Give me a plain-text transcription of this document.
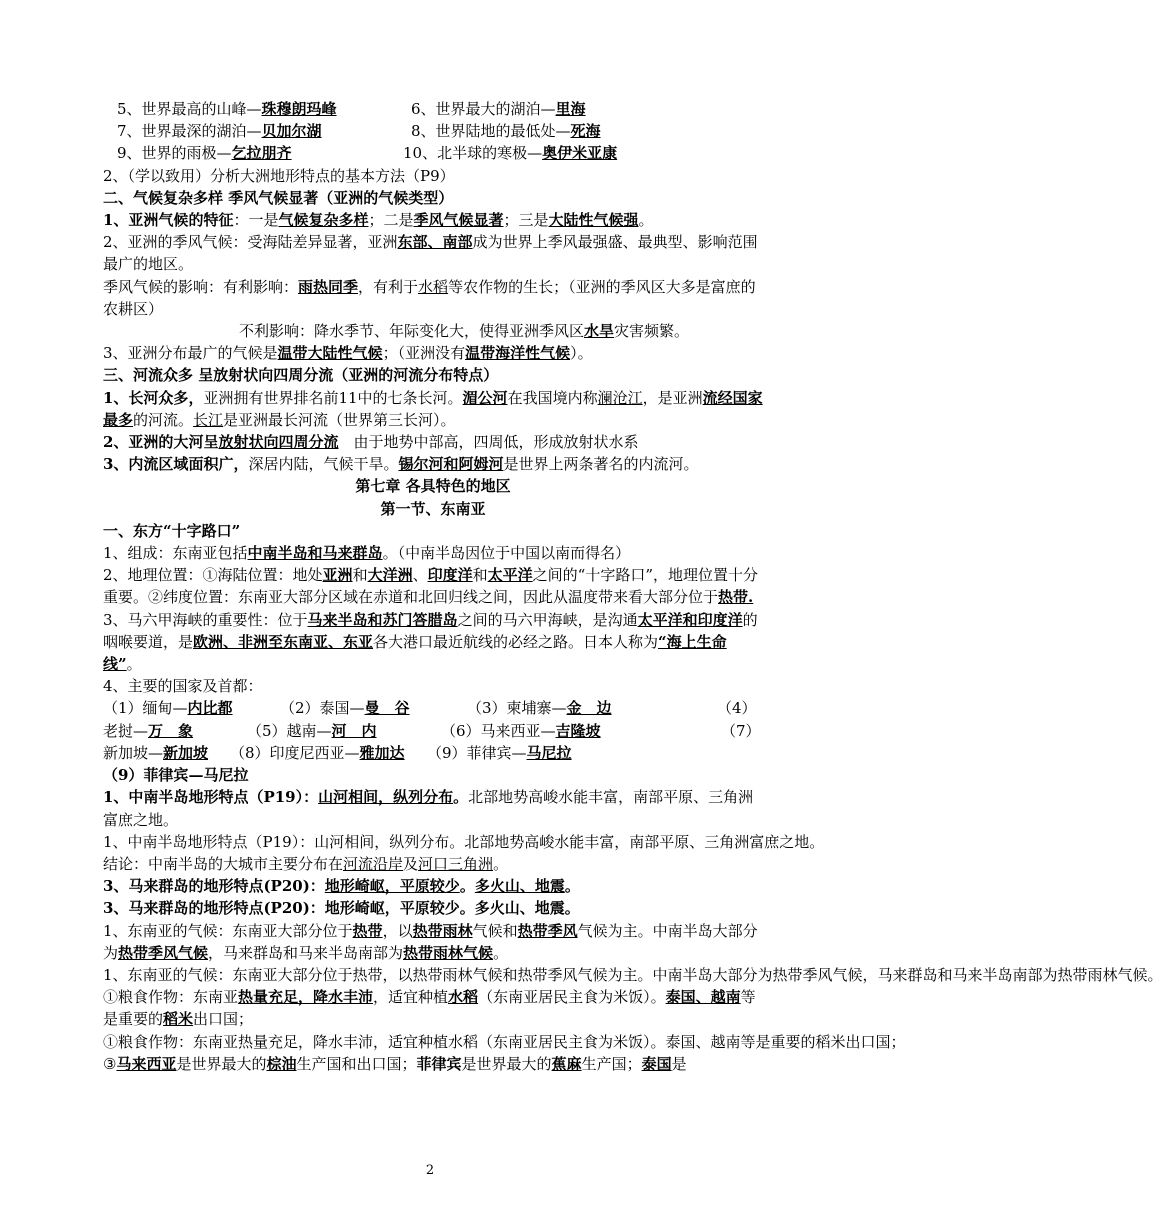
5、世界最高的山峰—珠穆朗玛峰	6、世界最大的湖泊—里海
7、世界最深的湖泊—贝加尔湖	8、世界陆地的最低处—死海
9、世界的雨极—乞拉朋齐	10、北半球的寒极—奥伊米亚康
2、（学以致用）分析大洲地形特点的基本方法（P9）
二、气候复杂多样 季风气候显著（亚洲的气候类型）
1、亚洲气候的特征：一是气候复杂多样；二是季风气候显著；三是大陆性气候强。
2、亚洲的季风气候：受海陆差异显著，亚洲东部、南部成为世界上季风最强盛、最典型、影响范围最广的地区。
季风气候的影响：有利影响：雨热同季，有利于水稻等农作物的生长；（亚洲的季风区大多是富庶的农耕区）
不利影响：降水季节、年际变化大，使得亚洲季风区水旱灾害频繁。
3、亚洲分布最广的气候是温带大陆性气候；（亚洲没有温带海洋性气候）。
三、河流众多 呈放射状向四周分流（亚洲的河流分布特点）
1、长河众多，亚洲拥有世界排名前11中的七条长河。湄公河在我国境内称澜沧江，是亚洲流经国家最多的河流。长江是亚洲最长河流（世界第三长河）。
2、亚洲的大河呈放射状向四周分流　由于地势中部高，四周低，形成放射状水系
3、内流区域面积广，深居内陆，气候干旱。锡尔河和阿姆河是世界上两条著名的内流河。
第七章 各具特色的地区
第一节、东南亚
一、东方“十字路口”
1、组成：东南亚包括中南半岛和马来群岛。（中南半岛因位于中国以南而得名）
2、地理位置：①海陆位置：地处亚洲和大洋洲、印度洋和太平洋之间的“十字路口”，地理位置十分重要。②纬度位置：东南亚大部分区域在赤道和北回归线之间，因此从温度带来看大部分位于热带.
3、马六甲海峡的重要性：位于马来半岛和苏门答腊岛之间的马六甲海峡，是沟通太平洋和印度洋的咽喉要道，是欧洲、非洲至东南亚、东亚各大港口最近航线的必经之路。日本人称为“海上生命线”。
4、主要的国家及首都：
（1）缅甸—内比都	（2）泰国—曼　谷	（3）柬埔寨—金　边	（4）
老挝—万　象	（5）越南—河　内	（6）马来西亚—吉隆坡	（7）
新加坡—新加坡	（8）印度尼西亚—雅加达	（9）菲律宾—马尼拉
（9）菲律宾—马尼拉
1、中南半岛地形特点（P19）：山河相间，纵列分布。北部地势高峻水能丰富，南部平原、三角洲富庶之地。
1、中南半岛地形特点（P19）：山河相间，纵列分布。北部地势高峻水能丰富，南部平原、三角洲富庶之地。
结论：中南半岛的大城市主要分布在河流沿岸及河口三角洲。
3、马来群岛的地形特点(P20)：地形崎岖，平原较少。多火山、地震。
3、马来群岛的地形特点(P20)：地形崎岖，平原较少。多火山、地震。
1、东南亚的气候：东南亚大部分位于热带，以热带雨林气候和热带季风气候为主。中南半岛大部分为热带季风气候，马来群岛和马来半岛南部为热带雨林气候。
1、东南亚的气候：东南亚大部分位于热带，以热带雨林气候和热带季风气候为主。中南半岛大部分为热带季风气候，马来群岛和马来半岛南部为热带雨林气候。
①粮食作物：东南亚热量充足，降水丰沛，适宜种植水稻（东南亚居民主食为米饭）。泰国、越南等是重要的稻米出口国；
①粮食作物：东南亚热量充足，降水丰沛，适宜种植水稻（东南亚居民主食为米饭）。泰国、越南等是重要的稻米出口国；
③马来西亚是世界最大的棕油生产国和出口国；菲律宾是世界最大的蕉麻生产国；泰国是
2
